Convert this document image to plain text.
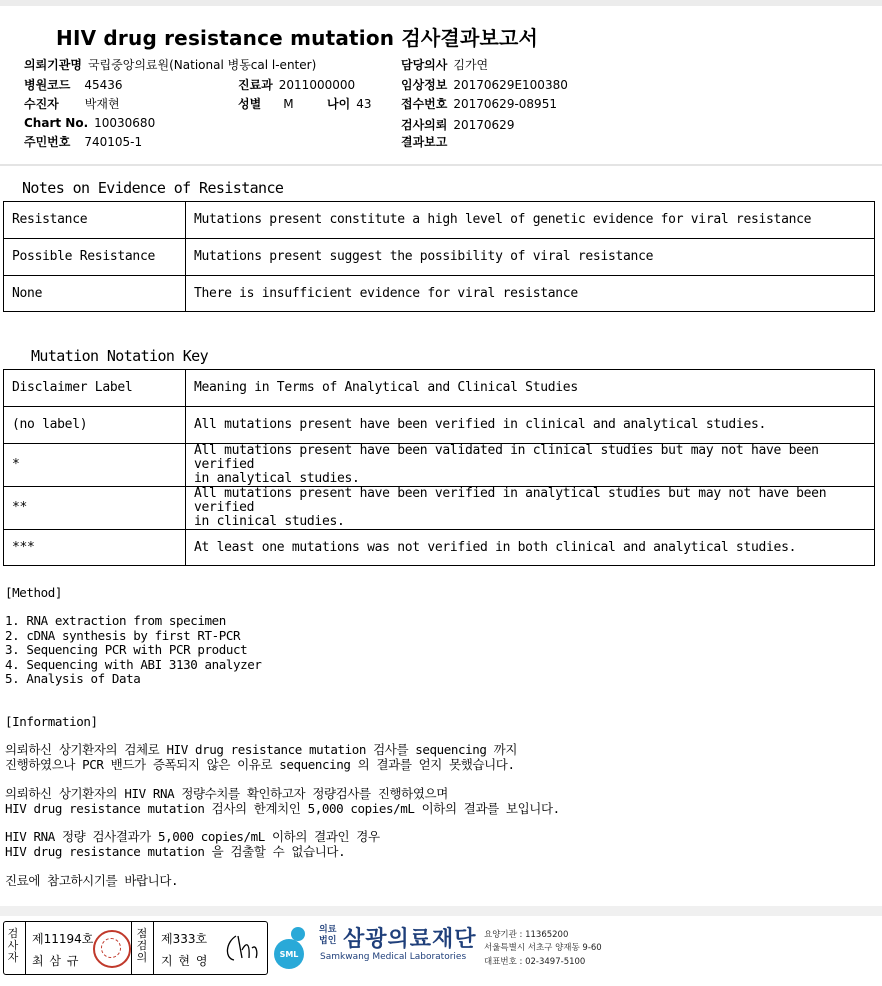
HIV drug resistance mutation 검사결과보고서
의뢰기관명 국립중앙의료원(National 병동cal l-enter)	담당의사 김가연
병원코드 45436	진료과 2011000000	임상정보 20170629E100380
수진자 박재현	성별 M	나이 43 접수번호 20170629-08951
Chart No. 10030680	검사의뢰 20170629
주민번호 740105-1	결과보고
Notes on Evidence of Resistance
Resistance	Mutations present constitute a high level of genetic evidence for viral resistance
Possible Resistance	Mutations present suggest the possibility of viral resistance
None	There is insufficient evidence for viral resistance
Mutation Notation Key
Disclaimer Label	Meaning in Terms of Analytical and Clinical Studies
(no label)	All mutations present have been verified in clinical and analytical studies.
*	All mutations present have been validated in clinical studies but may not have been verified
in analytical studies.

**	All mutations present have been verified in analytical studies but may not have been verified
in clinical studies.

***	At least one mutations was not verified in both clinical and analytical studies.
[Method]
1. RNA extraction from specimen
2. cDNA synthesis by first RT-PCR
3. Sequencing PCR with PCR product
4. Sequencing with ABI 3130 analyzer
5. Analysis of Data
[Information]
의뢰하신 상기환자의 검체로 HIV drug resistance mutation 검사를 sequencing 까지
진행하였으나 PCR 밴드가 증폭되지 않은 이유로 sequencing 의 결과를 얻지 못했습니다.
의뢰하신 상기환자의 HIV RNA 정량수치를 확인하고자 정량검사를 진행하였으며
HIV drug resistance mutation 검사의 한계치인 5,000 copies/mL 이하의 결과를 보입니다.
HIV RNA 정량 검사결과가 5,000 copies/mL 이하의 결과인 경우
HIV drug resistance mutation 을 검출할 수 없습니다.
진료에 참고하시기를 바랍니다.
검사자
제11194호
최 삼 규
점검의
제333호
지 현 영	SML
의료
법인 삼광의료재단
Samkwang Medical Laboratories
요양기관 : 11365200
서울특별시 서초구 양재동 9-60
대표번호 : 02-3497-5100
